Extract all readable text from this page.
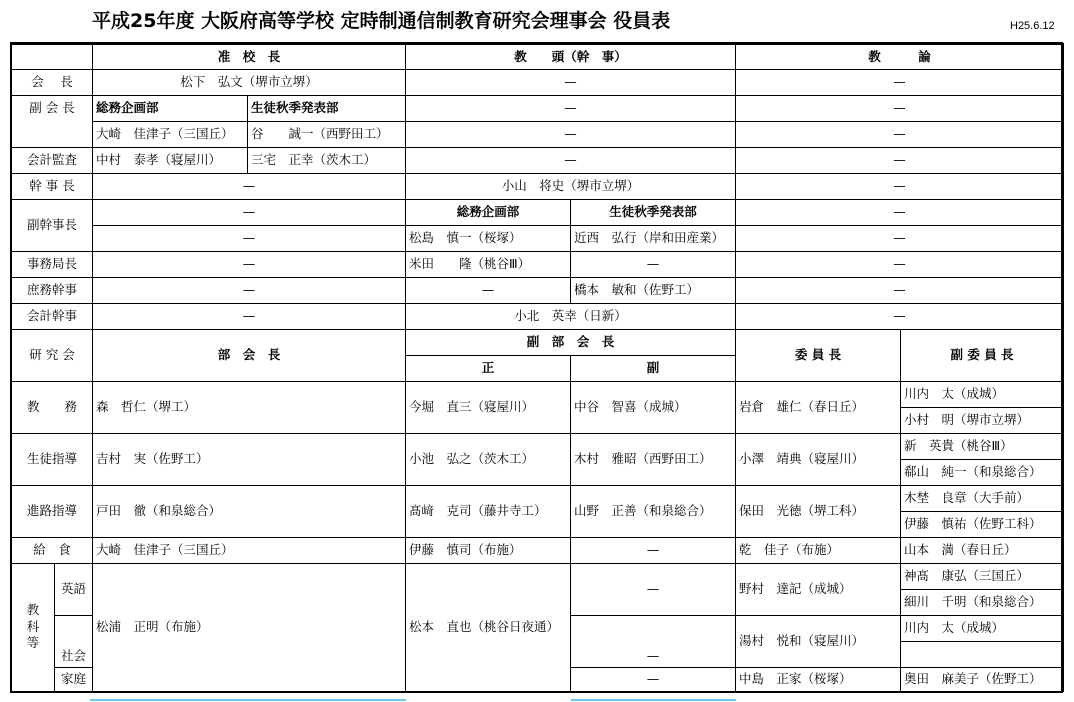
平成25年度 大阪府高等学校 定時制通信制教育研究会理事会 役員表	H25.6.12
		准　校　長		教　　頭（幹　事）		教　　　論	
会　 長		松下　弘文（堺市立堺）		—		—	
副 会 長		総務企画部	生徒秋季発表部	—		—	
		大崎　佳津子（三国丘）	谷　　誠一（西野田工）	—		—	
会計監査		中村　泰孝（寝屋川）	三宅　正幸（茨木工）	—		—	
幹 事 長		—		小山　将史（堺市立堺）		—	
副幹事長		—		総務企画部	生徒秋季発表部	—	
		—		松島　慎一（桜塚）	近西　弘行（岸和田産業）	—	
事務局長		—		米田　　隆（桃谷Ⅲ）	—	—	
庶務幹事		—		—	橋本　敏和（佐野工）	—	
会計幹事		—		小北　英幸（日新）		—	
研 究 会		部　会　長		副　部　会　長		委 員 長	副 委 員 長
				正	副		
教　　務		森　哲仁（堺工）		今堀　直三（寝屋川）	中谷　智喜（成城）	岩倉　雄仁（春日丘）	川内　太（成城）
							小村　明（堺市立堺）
生徒指導		吉村　実（佐野工）		小池　弘之（茨木工）	木村　雅昭（西野田工）	小澤　靖典（寝屋川）	新　英貴（桃谷Ⅲ）
							郗山　純一（和泉総合）
進路指導		戸田　徹（和泉総合）		髙﨑　克司（藤井寺工）	山野　正善（和泉総合）	保田　光徳（堺工科）	木埜　良章（大手前）
							伊藤　慎祐（佐野工科）
給　食		大崎　佳津子（三国丘）		伊藤　慎司（布施）	—	乾　佳子（布施）	山本　満（春日丘）
教
科
等	英語	松浦　正明（布施）		松本　直也（桃谷日夜通）	—	野村　達記（成城）	神髙　康弘（三国丘）
							細川　千明（和泉総合）
	社会				—	湯村　悦和（寝屋川）	川内　太（成城）

	家庭				—	中島　正家（桜塚）	奥田　麻美子（佐野工）
